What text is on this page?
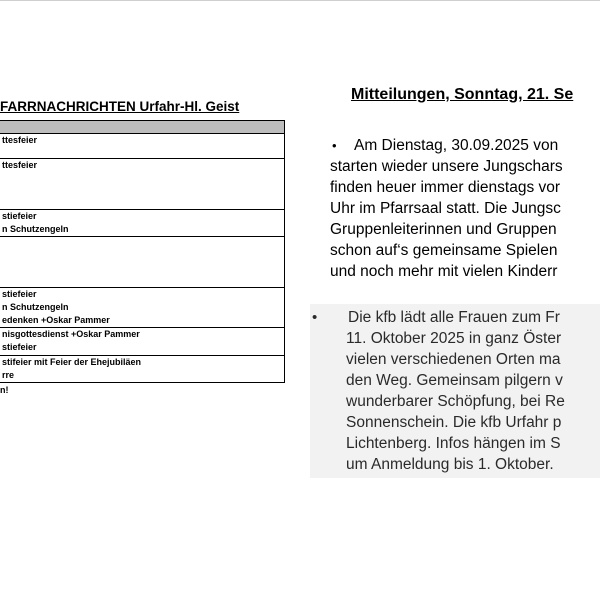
FARRNACHRICHTEN Urfahr-Hl. Geist

ttesfeier

ttesfeier

stiefeier
n Schutzengeln

stiefeier
n Schutzengeln
edenken +Oskar Pammer

nisgottesdienst +Oskar Pammer
stiefeier

stifeier mit Feier der Ehejubiläen
rre
n!
Mitteilungen, Sonntag, 21. Se
• Am Dienstag, 30.09.2025 von
starten wieder unsere Jungschars
finden heuer immer dienstags vor
Uhr im Pfarrsaal statt. Die Jungsc
Gruppenleiterinnen und Gruppen
schon auf‘s gemeinsame Spielen
und noch mehr mit vielen Kinderr
• Die kfb lädt alle Frauen zum Fr
11. Oktober 2025 in ganz Öster
vielen verschiedenen Orten ma
den Weg. Gemeinsam pilgern v
wunderbarer Schöpfung, bei Re
Sonnenschein. Die kfb Urfahr p
Lichtenberg. Infos hängen im S
um Anmeldung bis 1. Oktober.
